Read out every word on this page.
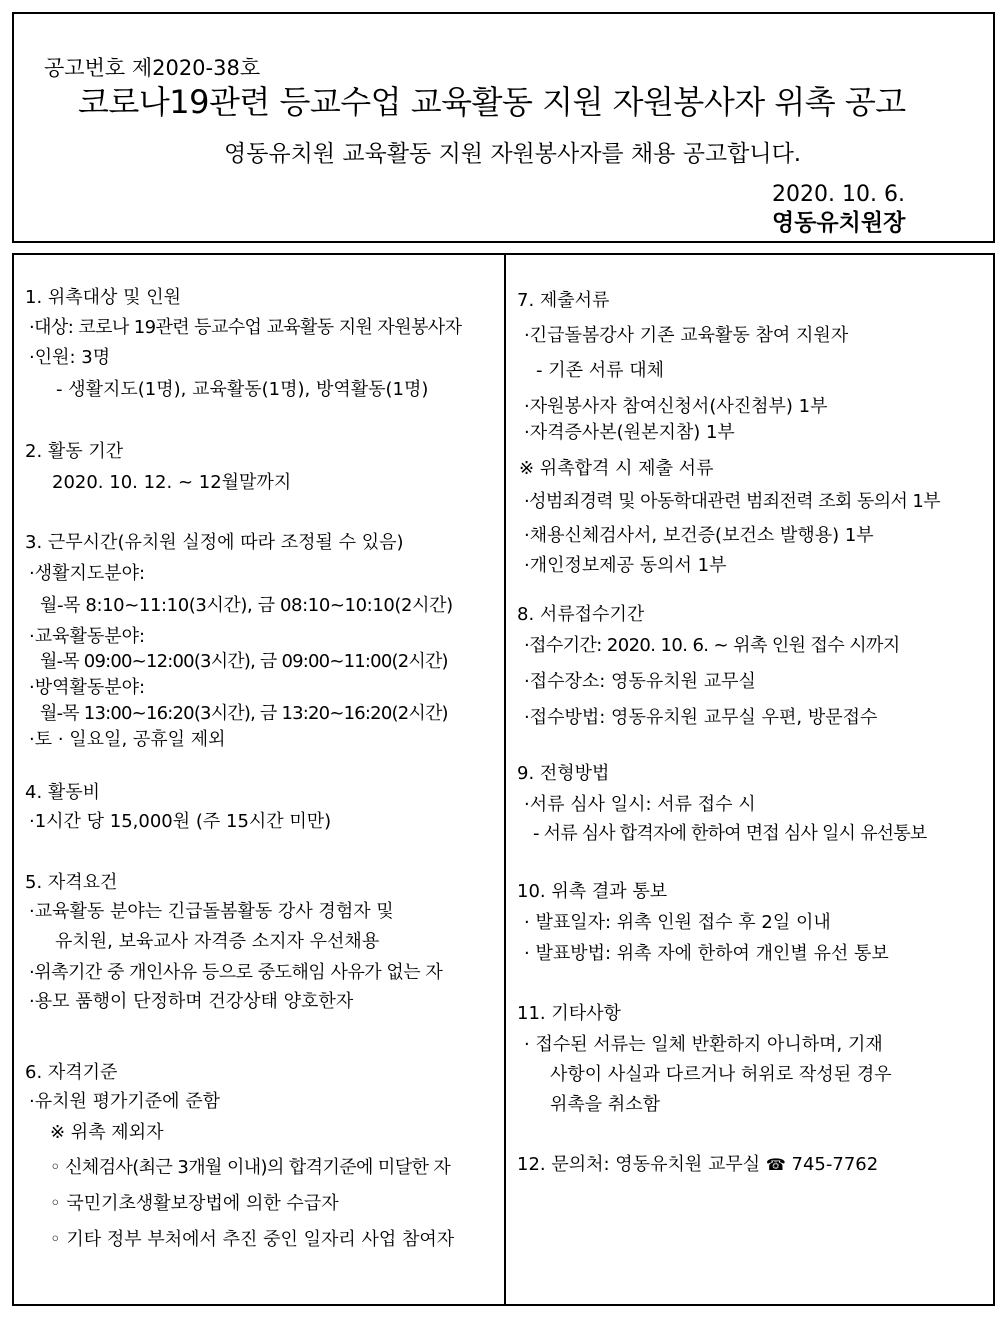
공고번호 제2020-38호
코로나19관련 등교수업 교육활동 지원 자원봉사자 위촉 공고
영동유치원 교육활동 지원 자원봉사자를 채용 공고합니다.
2020. 10. 6.
영동유치원장
1. 위촉대상 및 인원
·대상: 코로나 19관련 등교수업 교육활동 지원 자원봉사자
·인원: 3명
- 생활지도(1명), 교육활동(1명), 방역활동(1명)
2. 활동 기간
2020. 10. 12. ~ 12월말까지
3. 근무시간(유치원 실정에 따라 조정될 수 있음)
·생활지도분야:
월-목 8:10~11:10(3시간), 금 08:10~10:10(2시간)
·교육활동분야:
월-목 09:00~12:00(3시간), 금 09:00~11:00(2시간)
·방역활동분야:
월-목 13:00~16:20(3시간), 금 13:20~16:20(2시간)
·토 · 일요일, 공휴일 제외
4. 활동비
·1시간 당 15,000원 (주 15시간 미만)
5. 자격요건
·교육활동 분야는 긴급돌봄활동 강사 경험자 및
유치원, 보육교사 자격증 소지자 우선채용
·위촉기간 중 개인사유 등으로 중도해임 사유가 없는 자
·용모 품행이 단정하며 건강상태 양호한자
6. 자격기준
·유치원 평가기준에 준함
※ 위촉 제외자
◦ 신체검사(최근 3개월 이내)의 합격기준에 미달한 자
◦ 국민기초생활보장법에 의한 수급자
◦ 기타 정부 부처에서 추진 중인 일자리 사업 참여자
7. 제출서류
·긴급돌봄강사 기존 교육활동 참여 지원자
- 기존 서류 대체
·자원봉사자 참여신청서(사진첨부) 1부
·자격증사본(원본지참) 1부
※ 위촉합격 시 제출 서류
·성범죄경력 및 아동학대관련 범죄전력 조회 동의서 1부
·채용신체검사서, 보건증(보건소 발행용) 1부
·개인정보제공 동의서 1부
8. 서류접수기간
·접수기간: 2020. 10. 6. ~ 위촉 인원 접수 시까지
·접수장소: 영동유치원 교무실
·접수방법: 영동유치원 교무실 우편, 방문접수
9. 전형방법
·서류 심사 일시: 서류 접수 시
- 서류 심사 합격자에 한하여 면접 심사 일시 유선통보
10. 위촉 결과 통보
· 발표일자: 위촉 인원 접수 후 2일 이내
· 발표방법: 위촉 자에 한하여 개인별 유선 통보
11. 기타사항
· 접수된 서류는 일체 반환하지 아니하며, 기재
사항이 사실과 다르거나 허위로 작성된 경우
위촉을 취소함
12. 문의처: 영동유치원 교무실 ☎ 745-7762
